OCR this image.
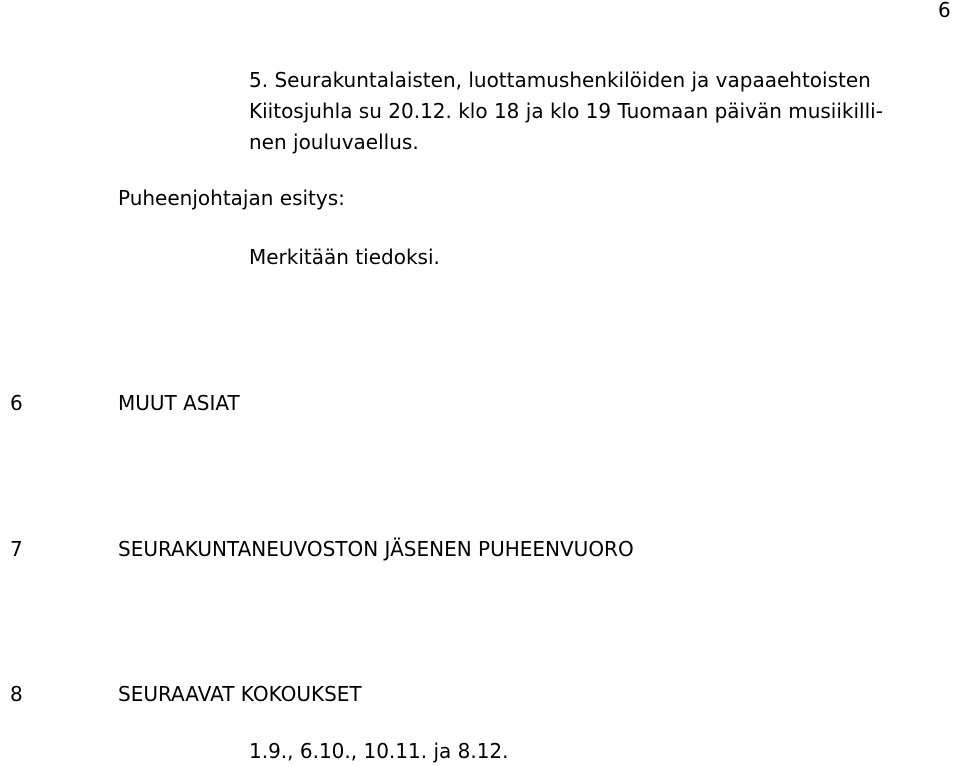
6
5. Seurakuntalaisten, luottamushenkilöiden ja vapaaehtoisten
Kiitosjuhla su 20.12. klo 18 ja klo 19 Tuomaan päivän musiikilli-
nen jouluvaellus.
Puheenjohtajan esitys:
Merkitään tiedoksi.
6	MUUT ASIAT
7	SEURAKUNTANEUVOSTON JÄSENEN PUHEENVUORO
8	SEURAAVAT KOKOUKSET
1.9., 6.10., 10.11. ja 8.12.
